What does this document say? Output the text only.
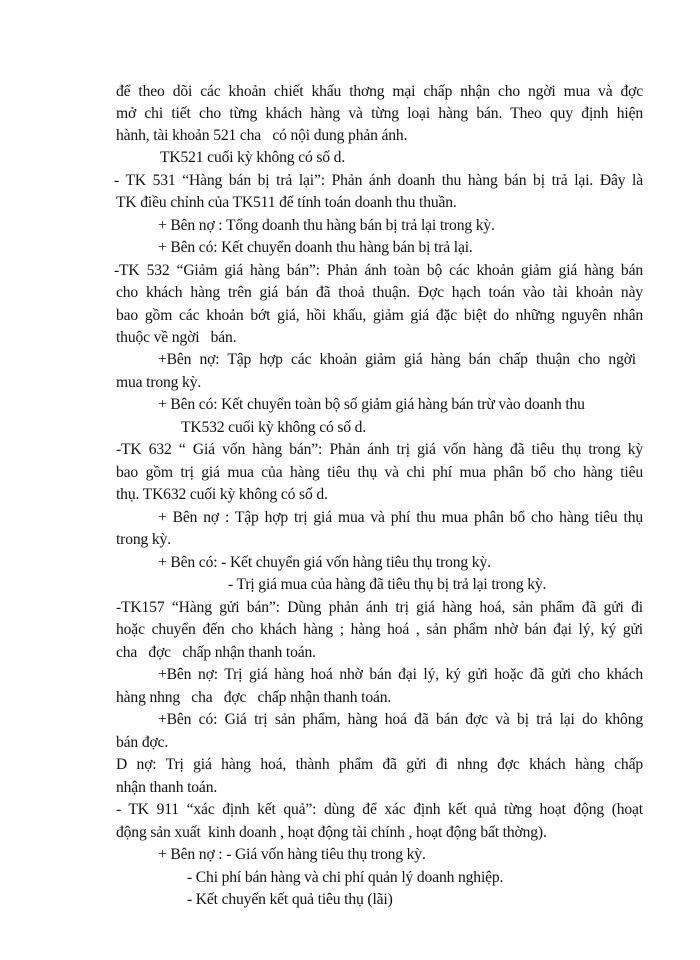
để theo dõi các khoản chiết khấu thơng mại chấp nhận cho ngời mua và đợc
mở chi tiết cho từng khách hàng và từng loại hàng bán. Theo quy định hiện
hành, tài khoản 521 cha   có nội dung phản ánh.
TK521 cuối kỳ không có số d.
- TK 531 “Hàng bán bị trả lại”: Phản ánh doanh thu hàng bán bị trả lại. Đây là
TK điều chỉnh của TK511 để tính toán doanh thu thuần.
+ Bên nợ : Tổng doanh thu hàng bán bị trả lại trong kỳ.
+ Bên có: Kết chuyển doanh thu hàng bán bị trả lại.
-TK 532 “Giảm giá hàng bán”: Phản ánh toàn bộ các khoản giảm giá hàng bán
cho khách hàng trên giá bán đã thoả thuận. Đợc hạch toán vào tài khoản này
bao gồm các khoản bớt giá, hồi khấu, giảm giá đặc biệt do những nguyên nhân
thuộc về ngời   bán.
+Bên nợ: Tập hợp các khoản giảm giá hàng bán chấp thuận cho ngời
mua trong kỳ.
+ Bên có: Kết chuyển toàn bộ số giảm giá hàng bán trừ vào doanh thu
TK532 cuối kỳ không có số d.
-TK 632 “ Giá vốn hàng bán”: Phản ánh trị giá vốn hàng đã tiêu thụ trong kỳ
bao gồm trị giá mua của hàng tiêu thụ và chi phí mua phân bổ cho hàng tiêu
thụ. TK632 cuối kỳ không có số d.
+ Bên nợ : Tập hợp trị giá mua và phí thu mua phân bổ cho hàng tiêu thụ
trong kỳ.
+ Bên có: - Kết chuyển giá vốn hàng tiêu thụ trong kỳ.
- Trị giá mua của hàng đã tiêu thụ bị trả lại trong kỳ.
-TK157 “Hàng gửi bán”: Dùng phản ánh trị giá hàng hoá, sản phẩm đã gửi đi
hoặc chuyển đến cho khách hàng ; hàng hoá , sản phẩm nhờ bán đại lý, ký gửi
cha   đợc   chấp nhận thanh toán.
+Bên nợ: Trị giá hàng hoá nhờ bán đại lý, ký gửi hoặc đã gửi cho khách
hàng nhng   cha   đợc   chấp nhận thanh toán.
+Bên có: Giá trị sản phẩm, hàng hoá đã bán đợc và bị trả lại do không
bán đợc.
D nợ: Trị giá hàng hoá, thành phẩm đã gửi đi nhng đợc khách hàng chấp
nhận thanh toán.
- TK 911 “xác định kết quả”: dùng để xác định kết quả từng hoạt động (hoạt
động sản xuất  kinh doanh , hoạt động tài chính , hoạt động bất thờng).
+ Bên nợ : - Giá vốn hàng tiêu thụ trong kỳ.
- Chi phí bán hàng và chi phí quản lý doanh nghiệp.
- Kết chuyển kết quả tiêu thụ (lãi)
